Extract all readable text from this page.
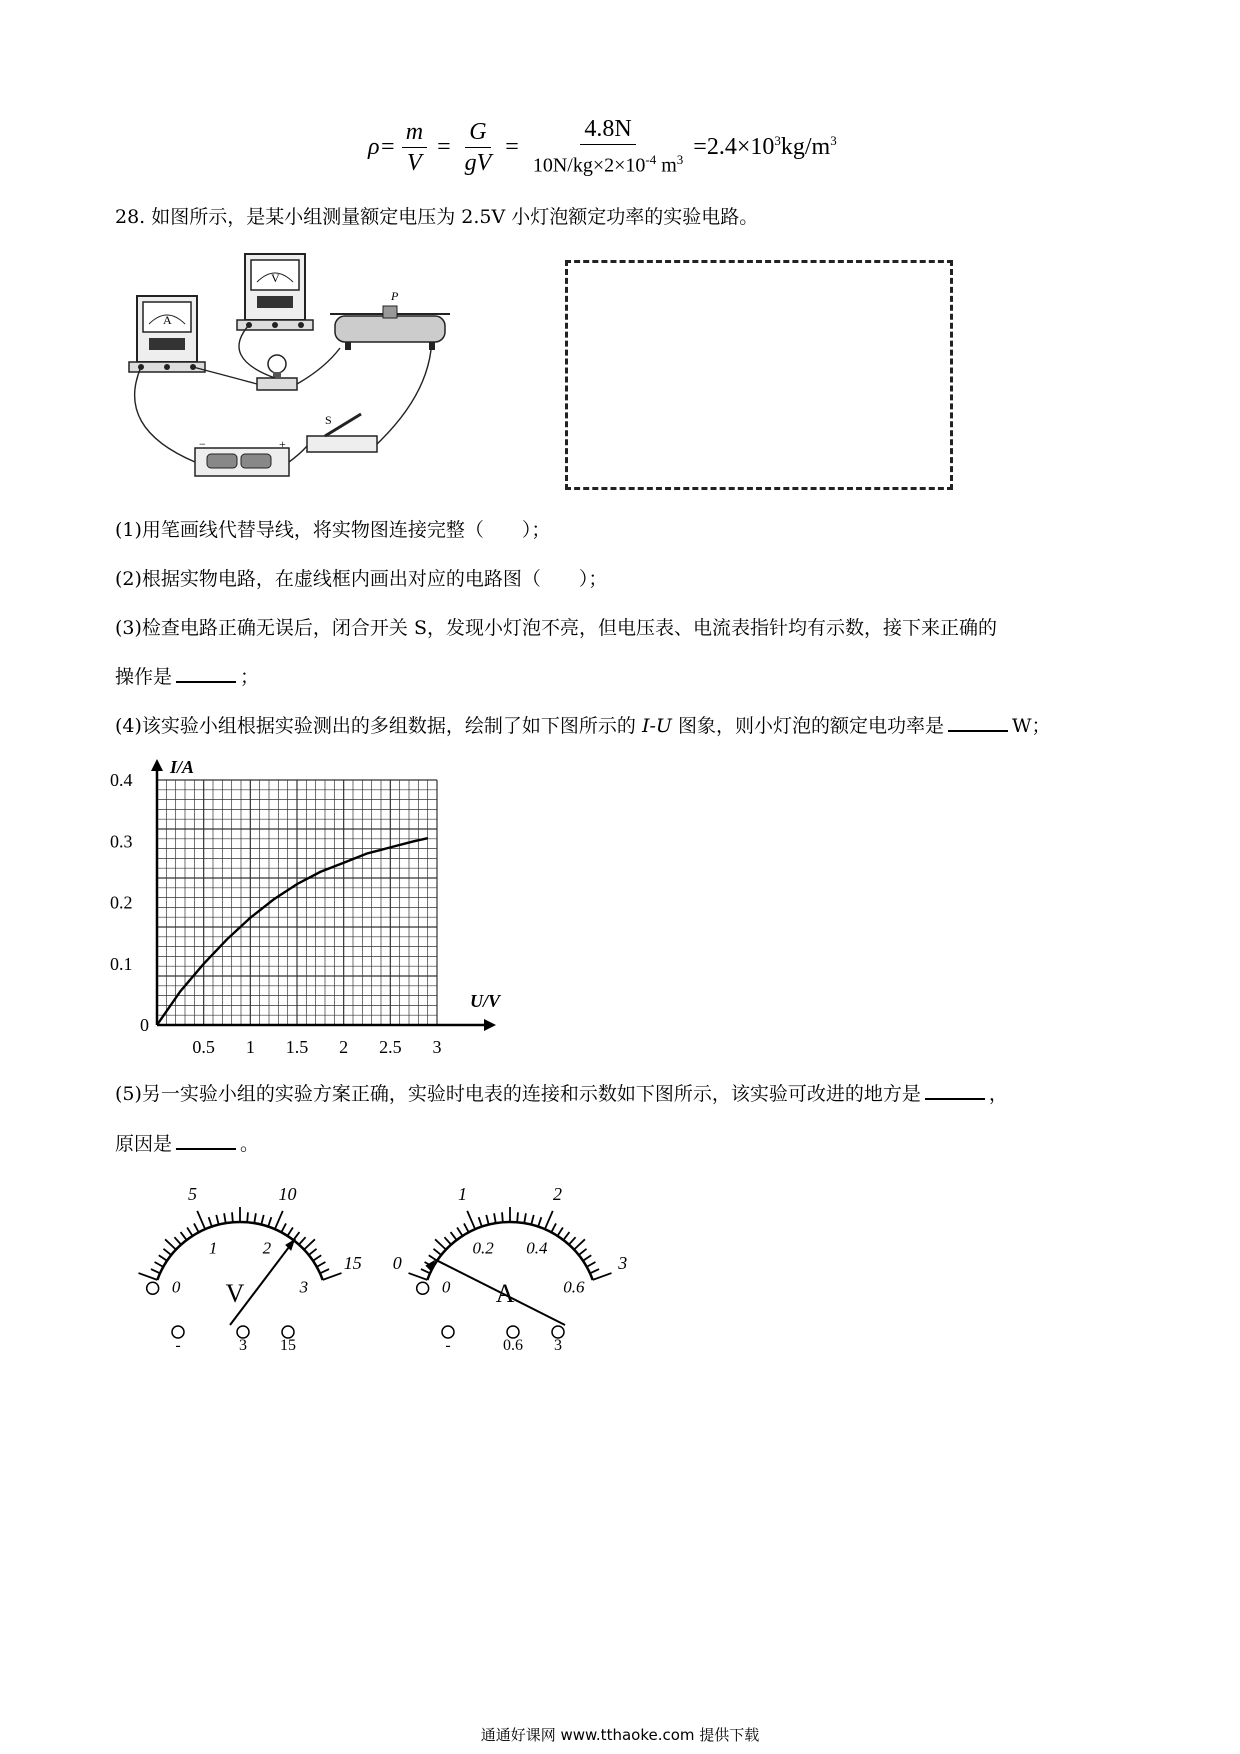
$\rho= \frac{m}{V} = \frac{G}{gV} = \frac{4.8N}{10N/kg\times 2\times 10^{-4} m^3} =2.4\times 10^3kg/m^3$
28. 如图所示，是某小组测量额定电压为 2.5V 小灯泡额定功率的实验电路。
V
A
P
−	+
S
(1)用笔画线代替导线，将实物图连接完整（　　）；
(2)根据实物电路，在虚线框内画出对应的电路图（　　）；
(3)检查电路正确无误后，闭合开关 S，发现小灯泡不亮，但电压表、电流表指针均有示数，接下来正确的
操作是	；
(4)该实验小组根据实验测出的多组数据，绘制了如下图所示的 I-U 图象，则小灯泡的额定电功率是	W；
I/A
U/V
0
0.5 1 1.5 2 2.5 3
0.1
0.2
0.3
0.4
(5)另一实验小组的实验方案正确，实验时电表的连接和示数如下图所示，该实验可改进的地方是	，
原因是	。
5	10
15
0
1	2
3
V
-	3 15
0
1	2
3
0
0.2 0.4
0.6
A
-	0.6 3
通通好课网 www.tthaoke.com 提供下载
